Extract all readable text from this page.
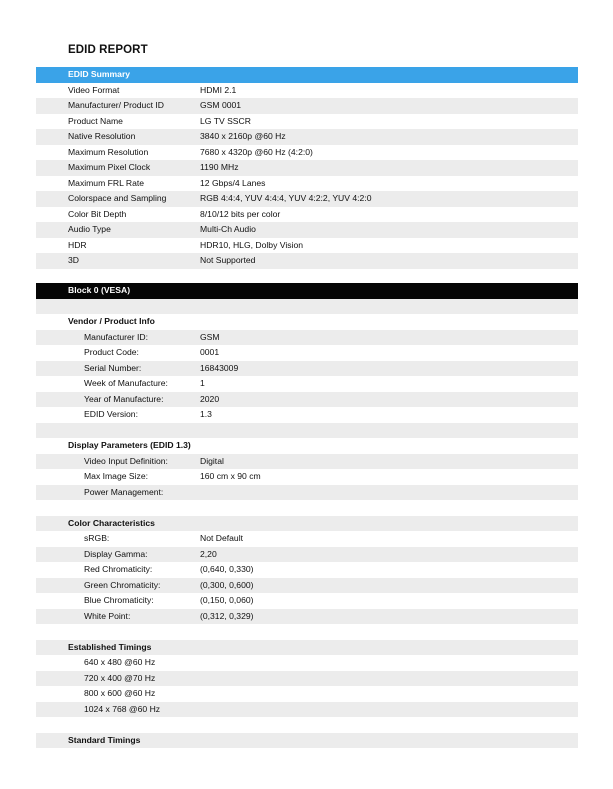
EDID REPORT
EDID Summary
Video Format	HDMI 2.1
Manufacturer/ Product ID	GSM 0001
Product Name	LG TV SSCR
Native Resolution	3840 x 2160p @60 Hz
Maximum Resolution	7680 x 4320p @60 Hz (4:2:0)
Maximum Pixel Clock	1190 MHz
Maximum FRL Rate	12 Gbps/4 Lanes
Colorspace and Sampling	RGB 4:4:4, YUV 4:4:4, YUV 4:2:2, YUV 4:2:0
Color Bit Depth	8/10/12 bits per color
Audio Type	Multi-Ch Audio
HDR	HDR10, HLG, Dolby Vision
3D	Not Supported
Block 0 (VESA)
Vendor / Product Info
Manufacturer ID:	GSM
Product Code:	0001
Serial Number:	16843009
Week of Manufacture:	1
Year of Manufacture:	2020
EDID Version:	1.3
Display Parameters (EDID 1.3)
Video Input Definition:	Digital
Max Image Size:	160 cm x 90 cm
Power Management:
Color Characteristics
sRGB:	Not Default
Display Gamma:	2,20
Red Chromaticity:	(0,640, 0,330)
Green Chromaticity:	(0,300, 0,600)
Blue Chromaticity:	(0,150, 0,060)
White Point:	(0,312, 0,329)
Established Timings
640 x 480 @60 Hz
720 x 400 @70 Hz
800 x 600 @60 Hz
1024 x 768 @60 Hz
Standard Timings
